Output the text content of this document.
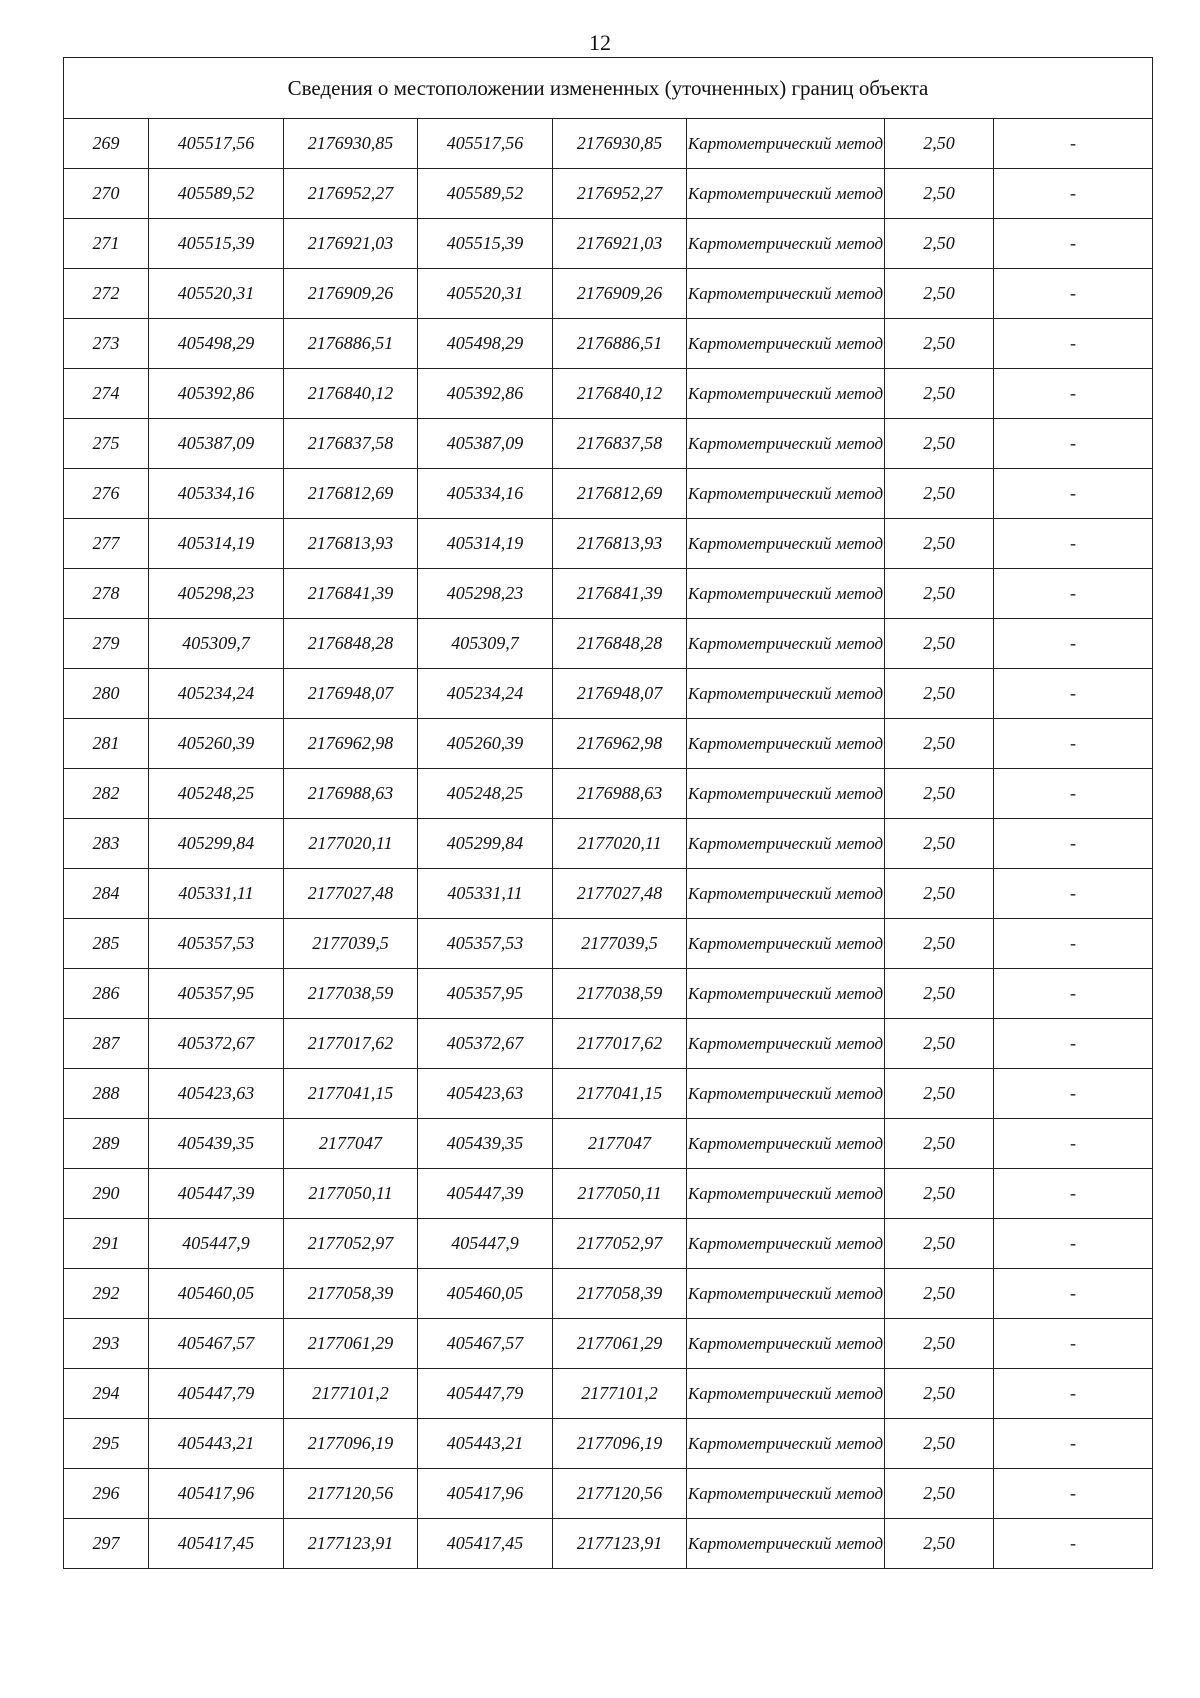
12
Сведения о местоположении измененных (уточненных) границ объекта							
269	405517,56	2176930,85	405517,56	2176930,85	Картометрический метод	2,50	-
270	405589,52	2176952,27	405589,52	2176952,27	Картометрический метод	2,50	-
271	405515,39	2176921,03	405515,39	2176921,03	Картометрический метод	2,50	-
272	405520,31	2176909,26	405520,31	2176909,26	Картометрический метод	2,50	-
273	405498,29	2176886,51	405498,29	2176886,51	Картометрический метод	2,50	-
274	405392,86	2176840,12	405392,86	2176840,12	Картометрический метод	2,50	-
275	405387,09	2176837,58	405387,09	2176837,58	Картометрический метод	2,50	-
276	405334,16	2176812,69	405334,16	2176812,69	Картометрический метод	2,50	-
277	405314,19	2176813,93	405314,19	2176813,93	Картометрический метод	2,50	-
278	405298,23	2176841,39	405298,23	2176841,39	Картометрический метод	2,50	-
279	405309,7	2176848,28	405309,7	2176848,28	Картометрический метод	2,50	-
280	405234,24	2176948,07	405234,24	2176948,07	Картометрический метод	2,50	-
281	405260,39	2176962,98	405260,39	2176962,98	Картометрический метод	2,50	-
282	405248,25	2176988,63	405248,25	2176988,63	Картометрический метод	2,50	-
283	405299,84	2177020,11	405299,84	2177020,11	Картометрический метод	2,50	-
284	405331,11	2177027,48	405331,11	2177027,48	Картометрический метод	2,50	-
285	405357,53	2177039,5	405357,53	2177039,5	Картометрический метод	2,50	-
286	405357,95	2177038,59	405357,95	2177038,59	Картометрический метод	2,50	-
287	405372,67	2177017,62	405372,67	2177017,62	Картометрический метод	2,50	-
288	405423,63	2177041,15	405423,63	2177041,15	Картометрический метод	2,50	-
289	405439,35	2177047	405439,35	2177047	Картометрический метод	2,50	-
290	405447,39	2177050,11	405447,39	2177050,11	Картометрический метод	2,50	-
291	405447,9	2177052,97	405447,9	2177052,97	Картометрический метод	2,50	-
292	405460,05	2177058,39	405460,05	2177058,39	Картометрический метод	2,50	-
293	405467,57	2177061,29	405467,57	2177061,29	Картометрический метод	2,50	-
294	405447,79	2177101,2	405447,79	2177101,2	Картометрический метод	2,50	-
295	405443,21	2177096,19	405443,21	2177096,19	Картометрический метод	2,50	-
296	405417,96	2177120,56	405417,96	2177120,56	Картометрический метод	2,50	-
297	405417,45	2177123,91	405417,45	2177123,91	Картометрический метод	2,50	-
